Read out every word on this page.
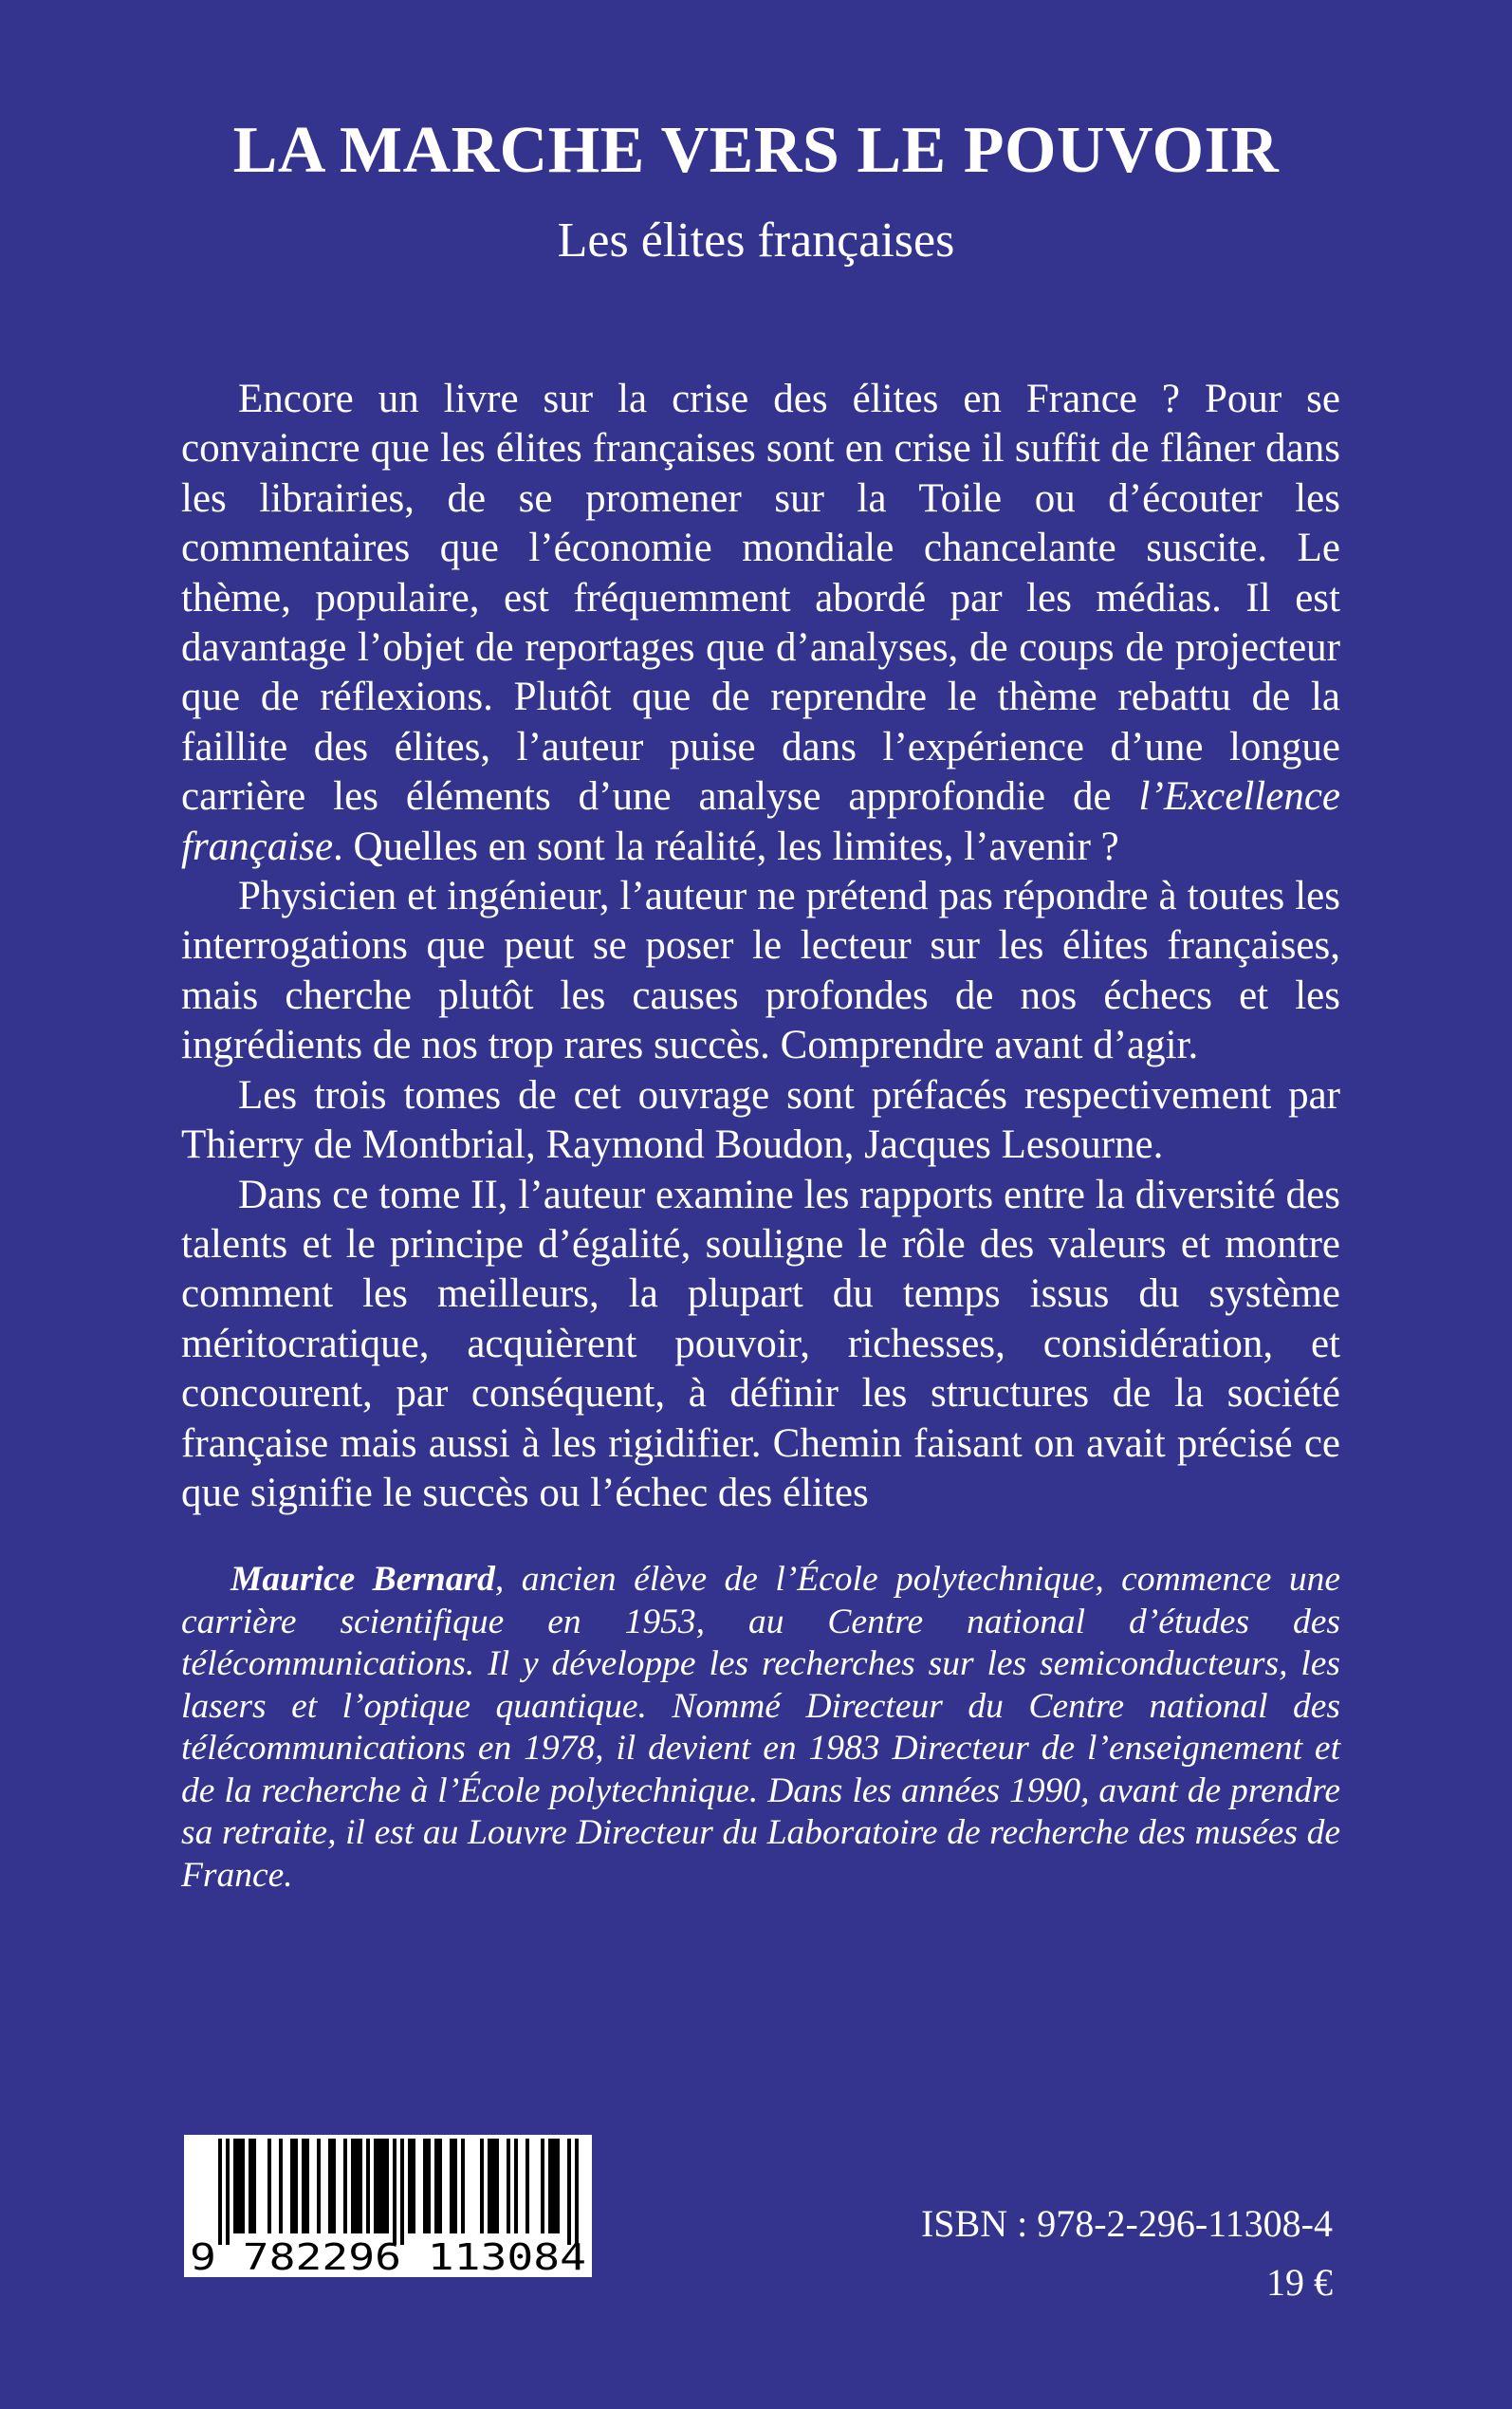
LA MARCHE VERS LE POUVOIR
Les élites françaises

Encore un livre sur la crise des élites en France ? Pour se convaincre que les élites françaises sont en crise il suffit de flâner dans les librairies, de se promener sur la Toile ou d’écouter les commentaires que l’économie mondiale chancelante suscite. Le thème, populaire, est fréquemment abordé par les médias. Il est davantage l’objet de reportages que d’analyses, de coups de projecteur que de réflexions. Plutôt que de reprendre le thème rebattu de la faillite des élites, l’auteur puise dans l’expérience d’une longue carrière les éléments d’une analyse approfondie de l’Excellence française. Quelles en sont la réalité, les limites, l’avenir ?

Physicien et ingénieur, l’auteur ne prétend pas répondre à toutes les interrogations que peut se poser le lecteur sur les élites françaises, mais cherche plutôt les causes profondes de nos échecs et les ingrédients de nos trop rares succès. Comprendre avant d’agir.

Les trois tomes de cet ouvrage sont préfacés respectivement par Thierry de Montbrial, Raymond Boudon, Jacques Lesourne.

Dans ce tome II, l’auteur examine les rapports entre la diversité des talents et le principe d’égalité, souligne le rôle des valeurs et montre comment les meilleurs, la plupart du temps issus du système méritocratique, acquièrent pouvoir, richesses, considération, et concourent, par conséquent, à définir les structures de la société française mais aussi à les rigidifier. Chemin faisant on avait précisé ce que signifie le succès ou l’échec des élites

Maurice Bernard, ancien élève de l’École polytechnique, commence une carrière scientifique en 1953, au Centre national d’études des télécommunications. Il y développe les recherches sur les semiconducteurs, les lasers et l’optique quantique. Nommé Directeur du Centre national des télécommunications en 1978, il devient en 1983 Directeur de l’enseignement et de la recherche à l’École polytechnique. Dans les années 1990, avant de prendre sa retraite, il est au Louvre Directeur du Laboratoire de recherche des musées de France.

9 782296 113084
ISBN : 978-2-296-11308-4
19 €
